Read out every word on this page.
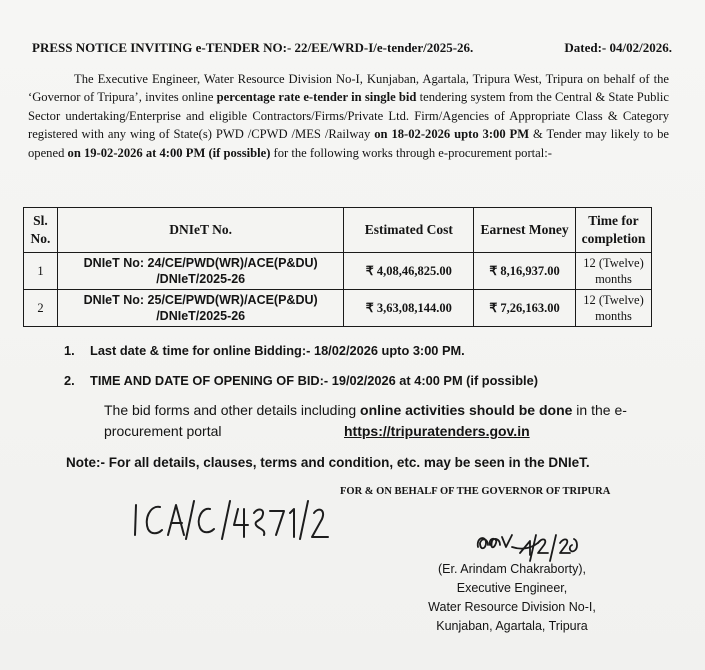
PRESS NOTICE INVITING e-TENDER NO:- 22/EE/WRD-I/e-tender/2025-26.	Dated:- 04/02/2026.
The Executive Engineer, Water Resource Division No-I, Kunjaban, Agartala, Tripura West, Tripura on behalf of the ‘Governor of Tripura’, invites online percentage rate e-tender in single bid tendering system from the Central & State Public Sector undertaking/Enterprise and eligible Contractors/Firms/Private Ltd. Firm/Agencies of Appropriate Class & Category registered with any wing of State(s) PWD /CPWD /MES /Railway on 18-02-2026 upto 3:00 PM & Tender may likely to be opened on 19-02-2026 at 4:00 PM (if possible) for the following works through e-procurement portal:-
Sl. No.	DNIeT No.	Estimated Cost	Earnest Money	Time for completion
1	DNIeT No: 24/CE/PWD(WR)/ACE(P&DU) /DNIeT/2025-26	₹ 4,08,46,825.00	₹ 8,16,937.00	12 (Twelve) months
2	DNIeT No: 25/CE/PWD(WR)/ACE(P&DU) /DNIeT/2025-26	₹ 3,63,08,144.00	₹ 7,26,163.00	12 (Twelve) months
1. Last date & time for online Bidding:- 18/02/2026 upto 3:00 PM.
2. TIME AND DATE OF OPENING OF BID:- 19/02/2026 at 4:00 PM (if possible)
The bid forms and other details including online activities should be done in the e-procurement portal	https://tripuratenders.gov.in
Note:- For all details, clauses, terms and condition, etc. may be seen in the DNIeT.
FOR & ON BEHALF OF THE GOVERNOR OF TRIPURA
(Er. Arindam Chakraborty),
Executive Engineer,
Water Resource Division No-I,
Kunjaban, Agartala, Tripura
